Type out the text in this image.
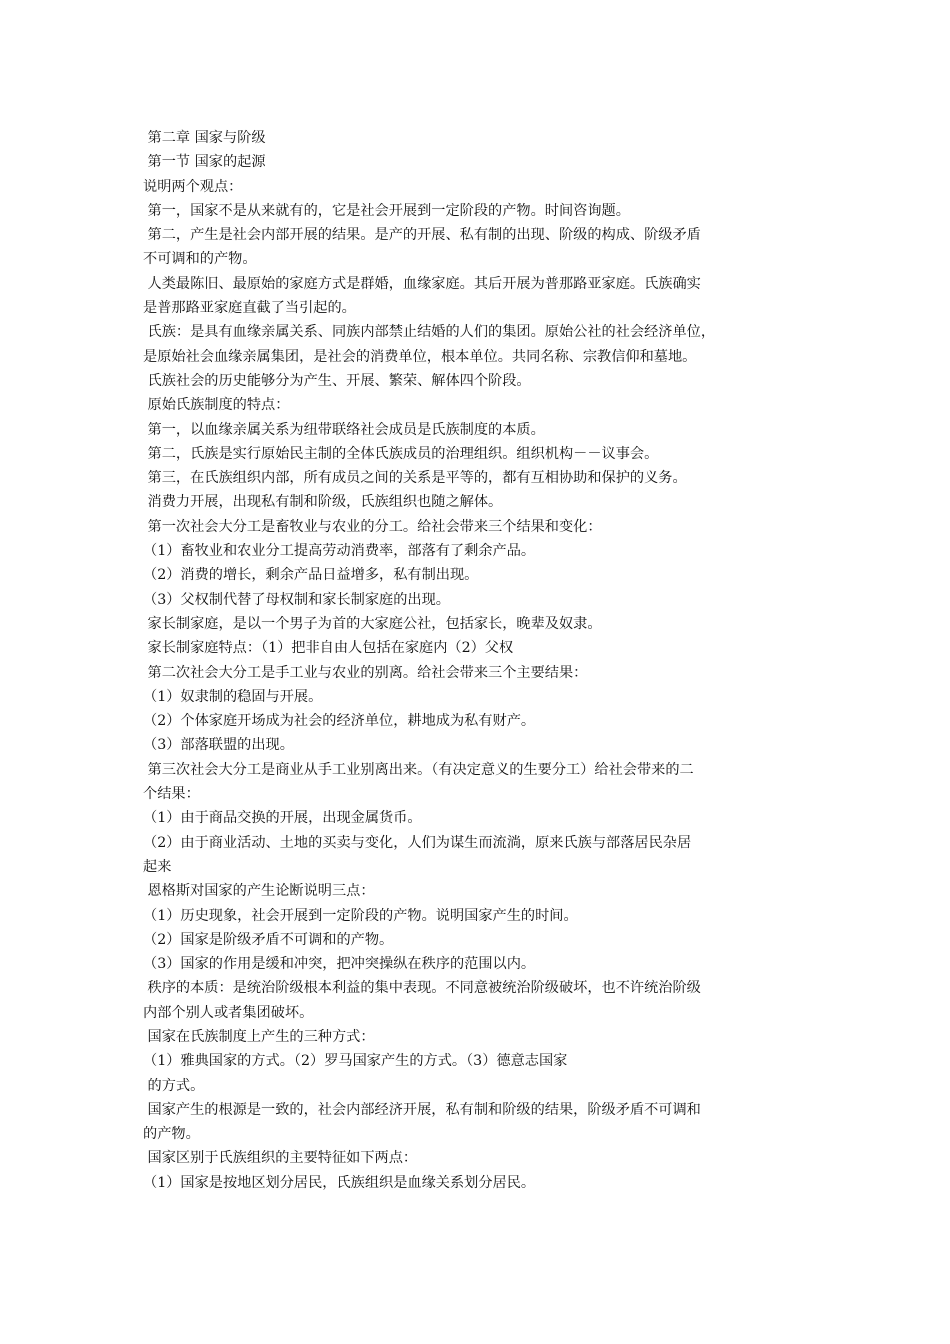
第二章 国家与阶级
第一节 国家的起源
说明两个观点：
第一，国家不是从来就有的，它是社会开展到一定阶段的产物。时间咨询题。
第二，产生是社会内部开展的结果。是产的开展、私有制的出现、阶级的构成、阶级矛盾
不可调和的产物。
人类最陈旧、最原始的家庭方式是群婚，血缘家庭。其后开展为普那路亚家庭。氏族确实
是普那路亚家庭直截了当引起的。
氏族：是具有血缘亲属关系、同族内部禁止结婚的人们的集团。原始公社的社会经济单位，
是原始社会血缘亲属集团，是社会的消费单位，根本单位。共同名称、宗教信仰和墓地。
氏族社会的历史能够分为产生、开展、繁荣、解体四个阶段。
原始氏族制度的特点：
第一，以血缘亲属关系为纽带联络社会成员是氏族制度的本质。
第二，氏族是实行原始民主制的全体氏族成员的治理组织。组织机构－－议事会。
第三，在氏族组织内部，所有成员之间的关系是平等的，都有互相协助和保护的义务。
消费力开展，出现私有制和阶级，氏族组织也随之解体。
第一次社会大分工是畜牧业与农业的分工。给社会带来三个结果和变化：
（1）畜牧业和农业分工提高劳动消费率，部落有了剩余产品。
（2）消费的增长，剩余产品日益增多，私有制出现。
（3）父权制代替了母权制和家长制家庭的出现。
家长制家庭，是以一个男子为首的大家庭公社，包括家长，晚辈及奴隶。
家长制家庭特点：（1）把非自由人包括在家庭内（2）父权
第二次社会大分工是手工业与农业的别离。给社会带来三个主要结果：
（1）奴隶制的稳固与开展。
（2）个体家庭开场成为社会的经济单位，耕地成为私有财产。
（3）部落联盟的出现。
第三次社会大分工是商业从手工业别离出来。（有决定意义的生要分工）给社会带来的二
个结果：
（1）由于商品交换的开展，出现金属货币。
（2）由于商业活动、土地的买卖与变化，人们为谋生而流淌，原来氏族与部落居民杂居
起来
恩格斯对国家的产生论断说明三点：
（1）历史现象，社会开展到一定阶段的产物。说明国家产生的时间。
（2）国家是阶级矛盾不可调和的产物。
（3）国家的作用是缓和冲突，把冲突操纵在秩序的范围以内。
秩序的本质：是统治阶级根本利益的集中表现。不同意被统治阶级破坏，也不许统治阶级
内部个别人或者集团破坏。
国家在氏族制度上产生的三种方式：
（1）雅典国家的方式。（2）罗马国家产生的方式。（3）德意志国家
的方式。
国家产生的根源是一致的，社会内部经济开展，私有制和阶级的结果，阶级矛盾不可调和
的产物。
国家区别于氏族组织的主要特征如下两点：
（1）国家是按地区划分居民，氏族组织是血缘关系划分居民。
